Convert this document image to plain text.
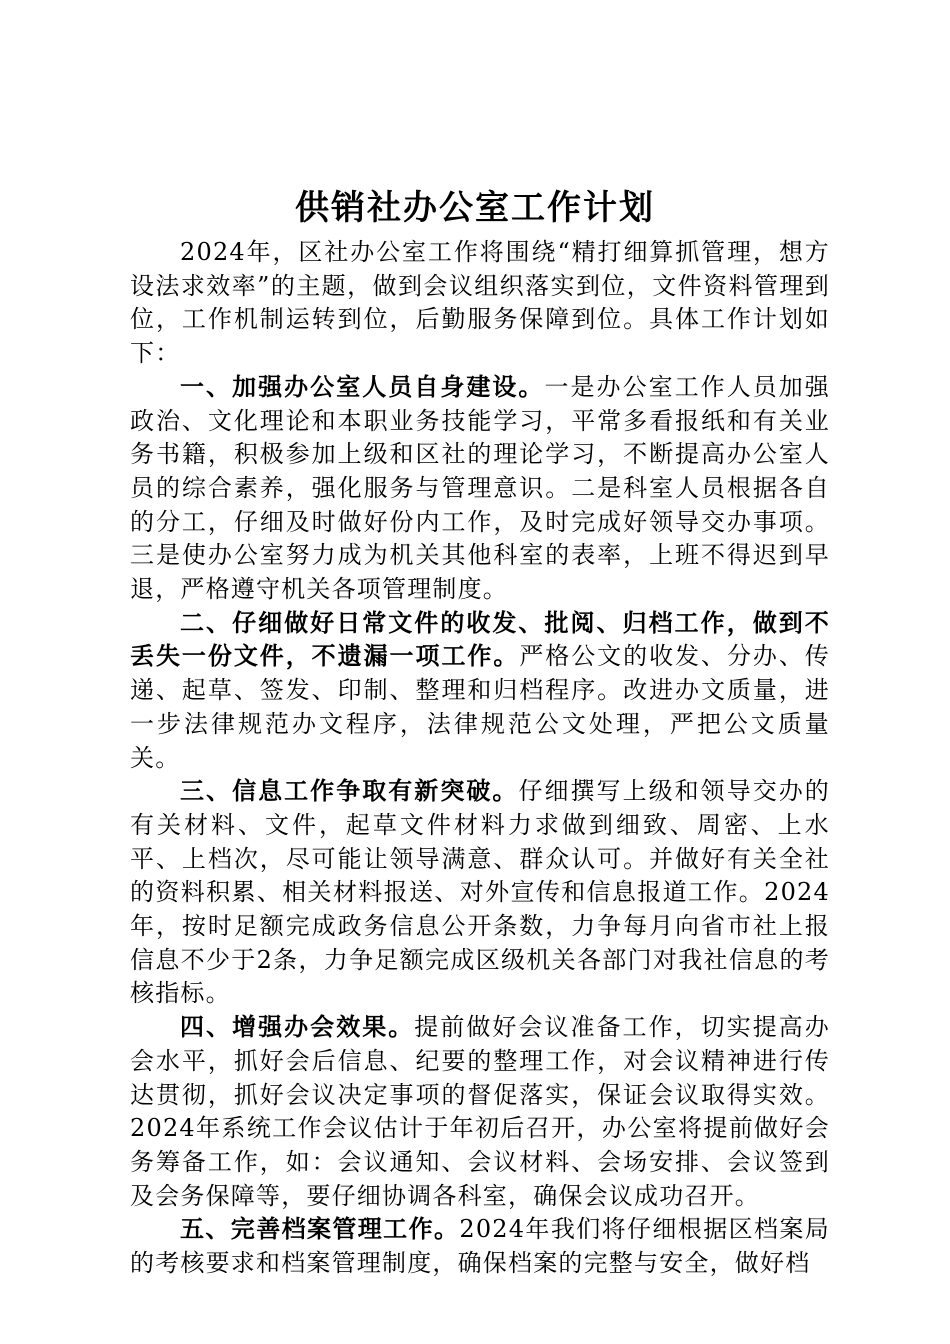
供销社办公室工作计划

2024年，区社办公室工作将围绕“精打细算抓管理，想方设法求效率”的主题，做到会议组织落实到位，文件资料管理到位，工作机制运转到位，后勤服务保障到位。具体工作计划如下：

一、加强办公室人员自身建设。一是办公室工作人员加强政治、文化理论和本职业务技能学习，平常多看报纸和有关业务书籍，积极参加上级和区社的理论学习，不断提高办公室人员的综合素养，强化服务与管理意识。二是科室人员根据各自的分工，仔细及时做好份内工作，及时完成好领导交办事项。三是使办公室努力成为机关其他科室的表率，上班不得迟到早退，严格遵守机关各项管理制度。

二、仔细做好日常文件的收发、批阅、归档工作，做到不丢失一份文件，不遗漏一项工作。严格公文的收发、分办、传递、起草、签发、印制、整理和归档程序。改进办文质量，进一步法律规范办文程序，法律规范公文处理，严把公文质量关。

三、信息工作争取有新突破。仔细撰写上级和领导交办的有关材料、文件，起草文件材料力求做到细致、周密、上水平、上档次，尽可能让领导满意、群众认可。并做好有关全社的资料积累、相关材料报送、对外宣传和信息报道工作。2024年，按时足额完成政务信息公开条数，力争每月向省市社上报信息不少于2条，力争足额完成区级机关各部门对我社信息的考核指标。

四、增强办会效果。提前做好会议准备工作，切实提高办会水平，抓好会后信息、纪要的整理工作，对会议精神进行传达贯彻，抓好会议决定事项的督促落实，保证会议取得实效。2024年系统工作会议估计于年初后召开，办公室将提前做好会务筹备工作，如：会议通知、会议材料、会场安排、会议签到及会务保障等，要仔细协调各科室，确保会议成功召开。

五、完善档案管理工作。2024年我们将仔细根据区档案局的考核要求和档案管理制度，确保档案的完整与安全，做好档
